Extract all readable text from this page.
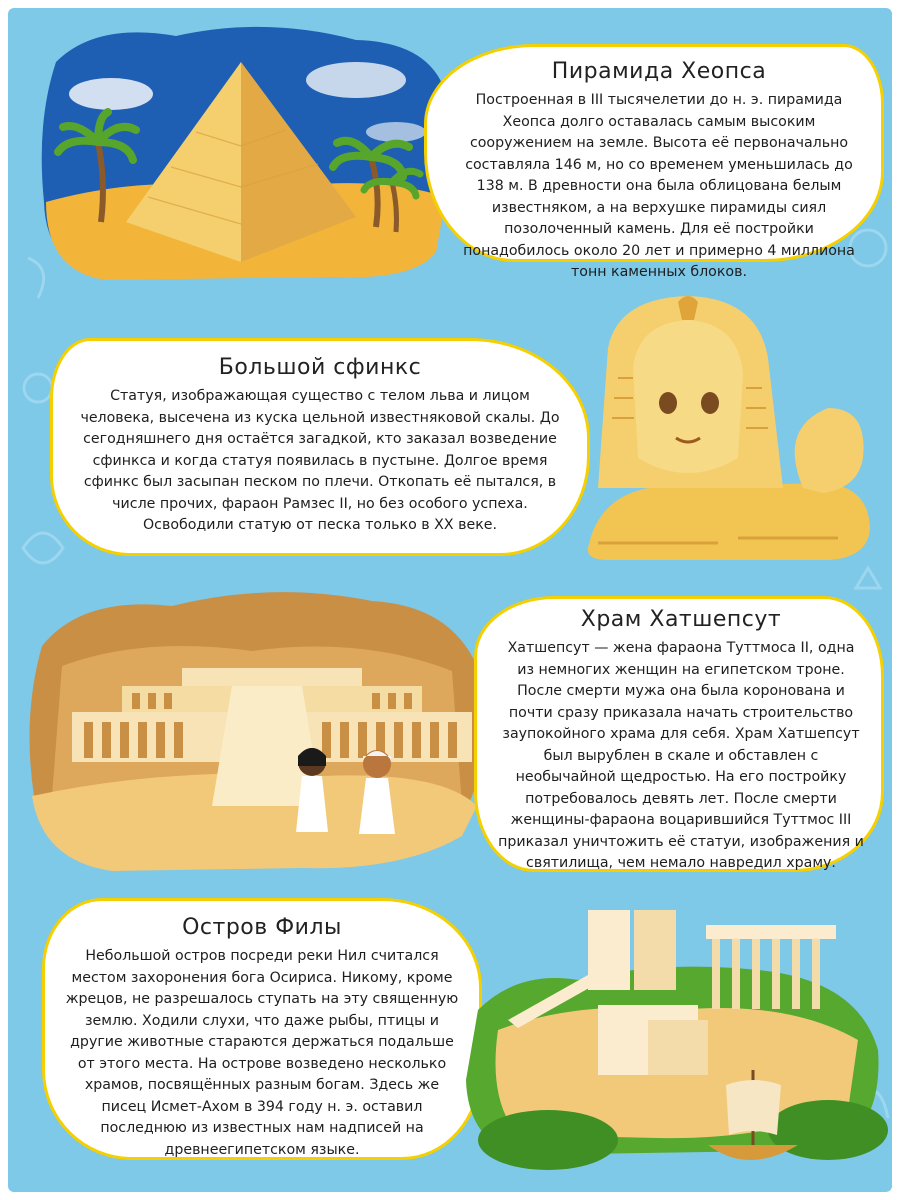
Пирамида Хеопса

Построенная в III тысячелетии до н. э. пирамида Хеопса долго оставалась самым высоким сооружением на земле. Высота её первоначально составляла 146 м, но со временем уменьшилась до 138 м. В древности она была облицована белым известняком, а на верхушке пирамиды сиял позолоченный камень. Для её постройки понадобилось около 20 лет и примерно 4 миллиона тонн каменных блоков.

Большой сфинкс

Статуя, изображающая существо с телом льва и лицом человека, высечена из куска цельной известняковой скалы. До сегодняшнего дня остаётся загадкой, кто заказал возведение сфинкса и когда статуя появилась в пустыне. Долгое время сфинкс был засыпан песком по плечи. Откопать её пытался, в числе прочих, фараон Рамзес II, но без особого успеха. Освободили статую от песка только в XX веке.

Храм Хатшепсут

Хатшепсут — жена фараона Туттмоса II, одна из немногих женщин на египетском троне. После смерти мужа она была коронована и почти сразу приказала начать строительство заупокойного храма для себя. Храм Хатшепсут был вырублен в скале и обставлен с необычайной щедростью. На его постройку потребовалось девять лет. После смерти женщины-фараона воцарившийся Туттмос III приказал уничтожить её статуи, изображения и святилища, чем немало навредил храму.

Остров Филы

Небольшой остров посреди реки Нил считался местом захоронения бога Осириса. Никому, кроме жрецов, не разрешалось ступать на эту священную землю. Ходили слухи, что даже рыбы, птицы и другие животные стараются держаться подальше от этого места. На острове возведено несколько храмов, посвящённых разным богам. Здесь же писец Исмет-Ахом в 394 году н. э. оставил последнюю из известных нам надписей на древнеегипетском языке.
